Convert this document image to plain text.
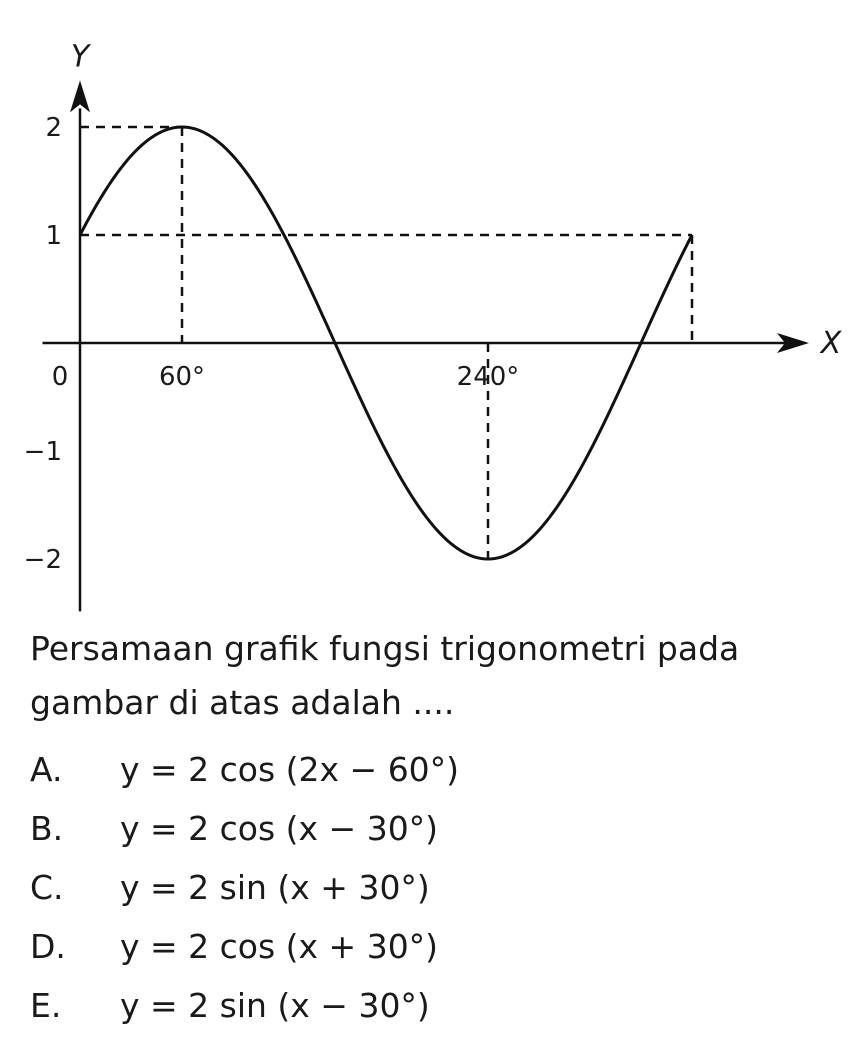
0	60°	240°
2
1
−1
−2
X
Y
Persamaan grafik fungsi trigonometri pada gambar di atas adalah ....
A.	y = 2 cos (2x − 60°)
B.	y = 2 cos (x − 30°)
C.	y = 2 sin (x + 30°)
D.	y = 2 cos (x + 30°)
E.	y = 2 sin (x − 30°)
